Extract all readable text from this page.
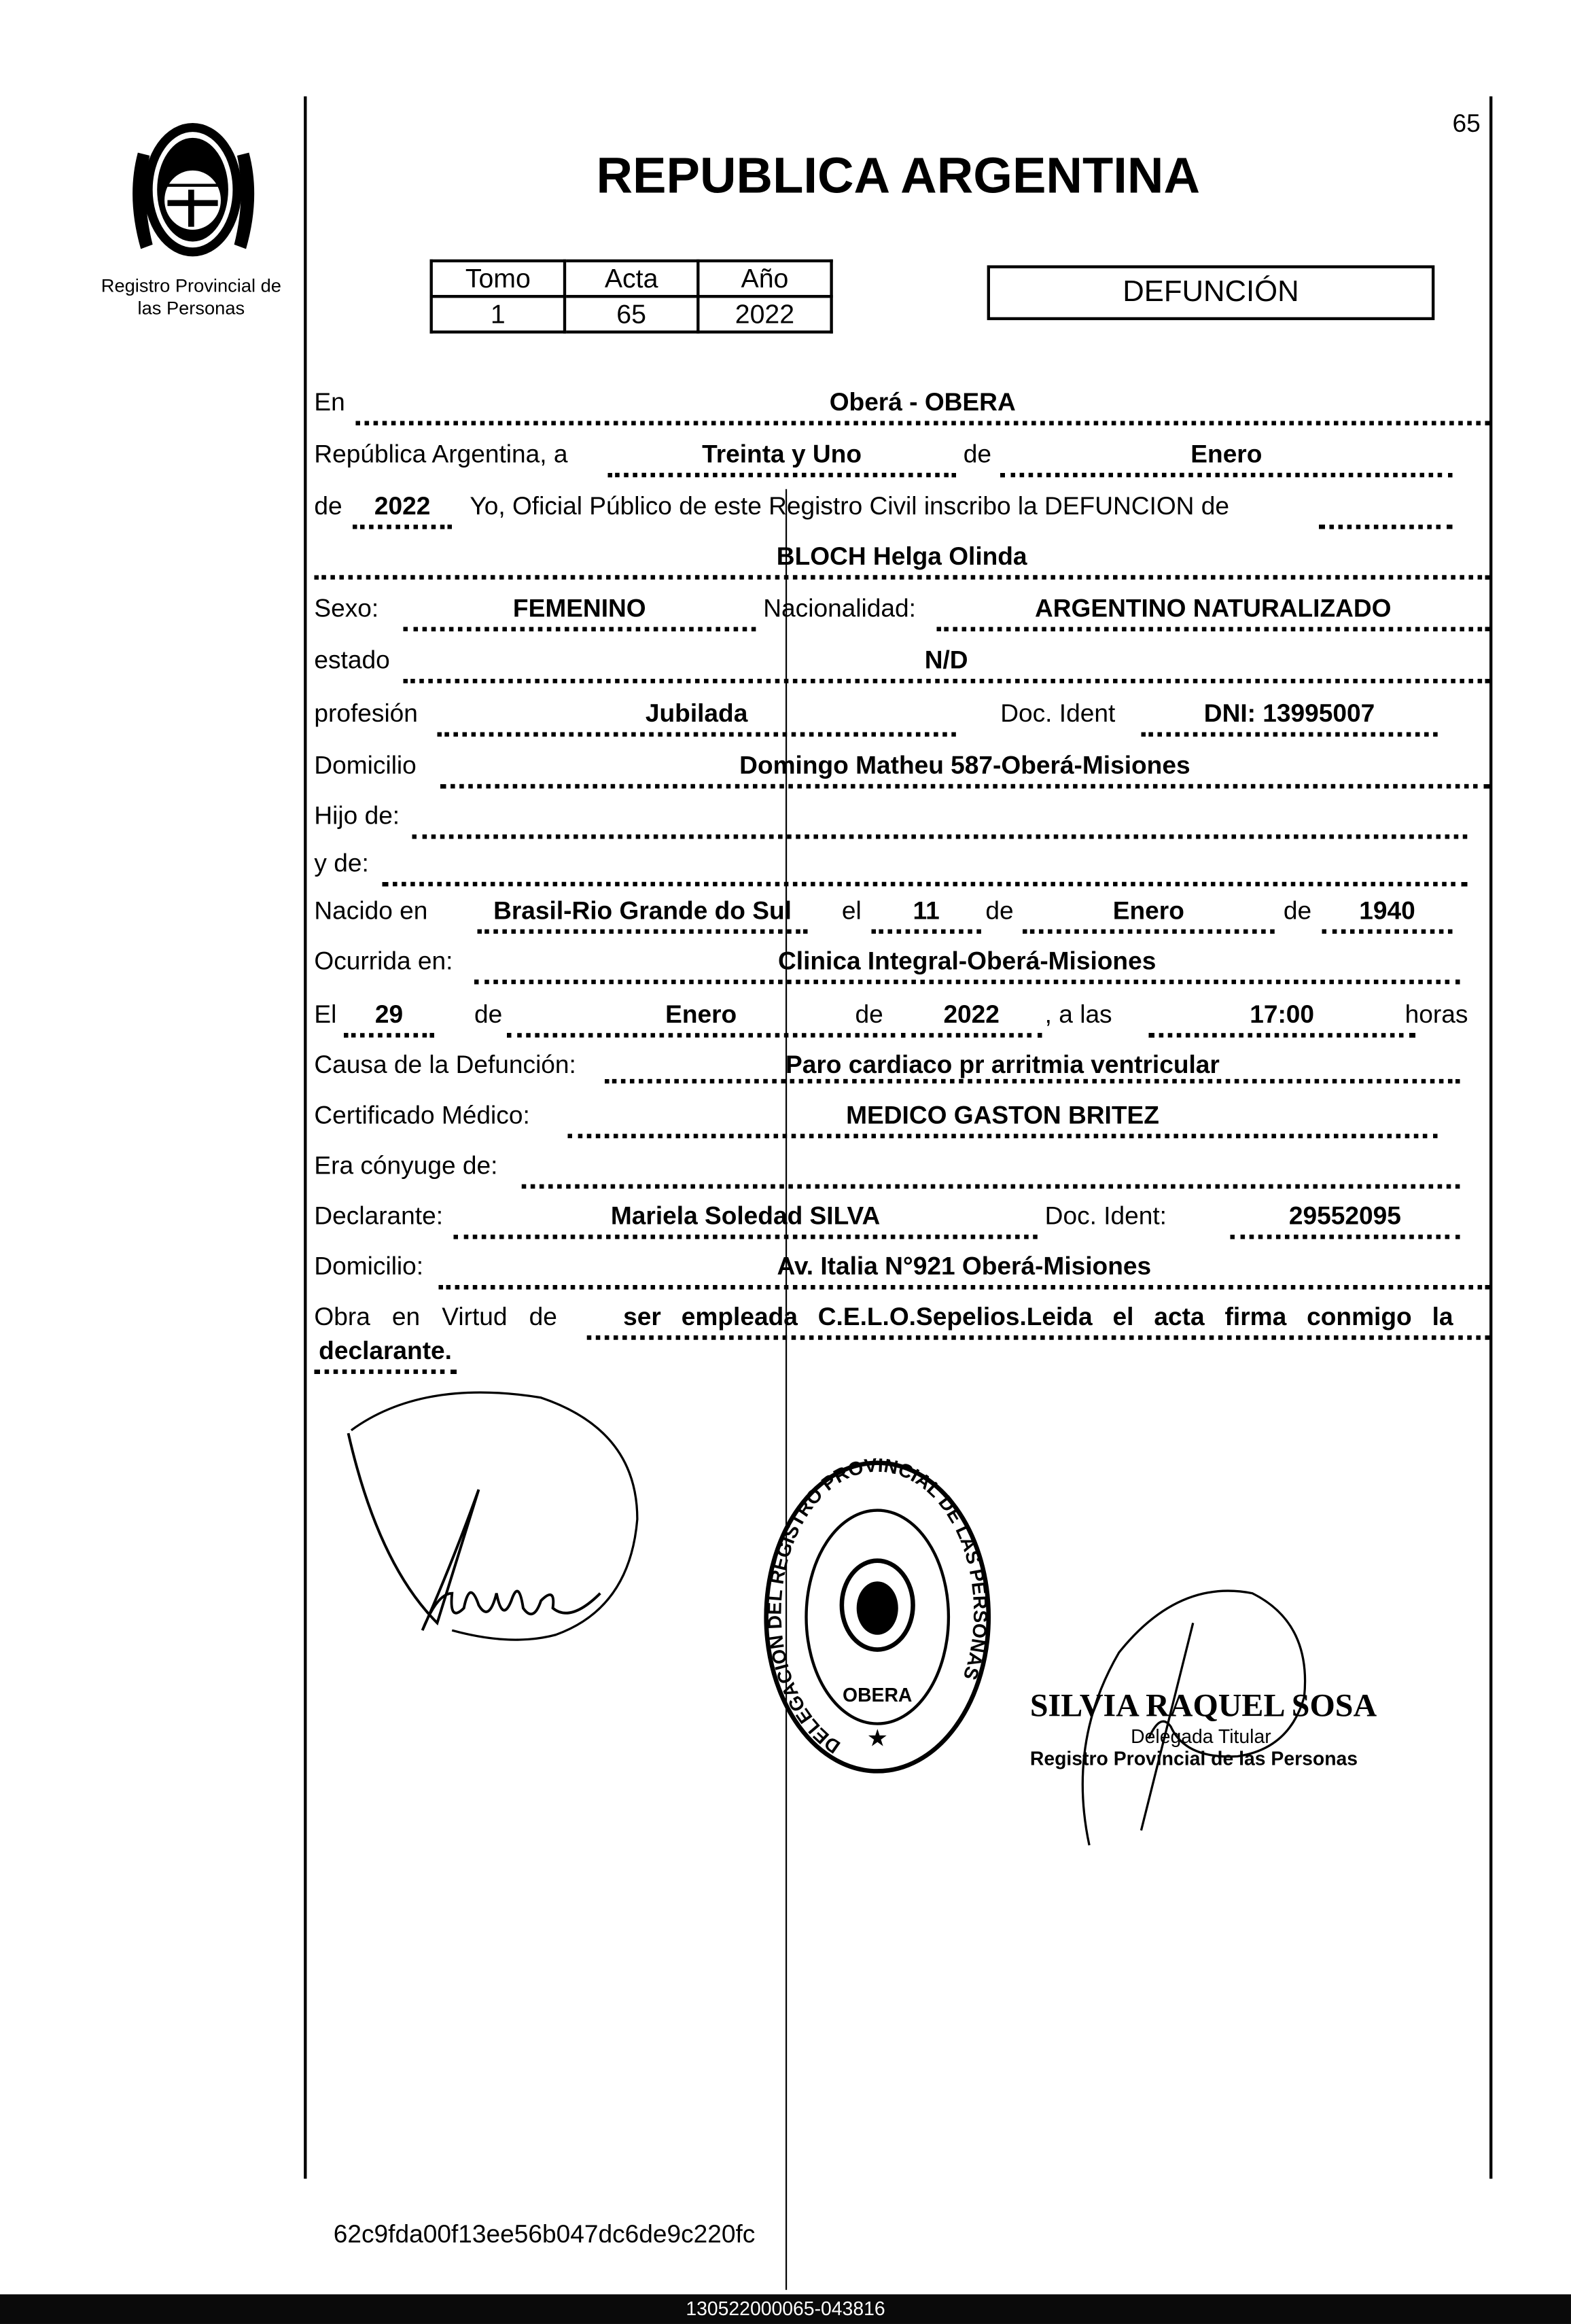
Registro Provincial de
las Personas
65
REPUBLICA ARGENTINA
Tomo	Acta	Año
1	65	2022
DEFUNCIÓN
En	Oberá - OBERA
República Argentina, a	Treinta y Uno	de	Enero
de	2022	Yo, Oficial Público de este Registro Civil inscribo la DEFUNCION de
BLOCH Helga Olinda
Sexo:	FEMENINO	Nacionalidad:	ARGENTINO NATURALIZADO
estado	N/D
profesión	Jubilada	Doc. Ident	DNI: 13995007
Domicilio	Domingo Matheu 587-Oberá-Misiones
Hijo de:
y de:
Nacido en	Brasil-Rio Grande do Sul	el	11	de	Enero	de	1940
Ocurrida en:	Clinica Integral-Oberá-Misiones
El	29	de	Enero	de	2022	, a las	17:00	horas
Causa de la Defunción:	Paro cardiaco pr arritmia ventricular
Certificado Médico:	MEDICO GASTON BRITEZ
Era cónyuge de:
Declarante:	Mariela Soledad SILVA	Doc. Ident:	29552095
Domicilio:	Av. Italia N°921 Oberá-Misiones
Obra en Virtud de	ser empleada C.E.L.O.Sepelios.Leida el acta firma conmigo la
declarante.
DELEGACION DEL REGISTRO PROVINCIAL DE LAS PERSONAS
OBERA
★
SILVIA RAQUEL SOSA
Delegada Titular
Registro Provincial de las Personas
62c9fda00f13ee56b047dc6de9c220fc
130522000065-043816
